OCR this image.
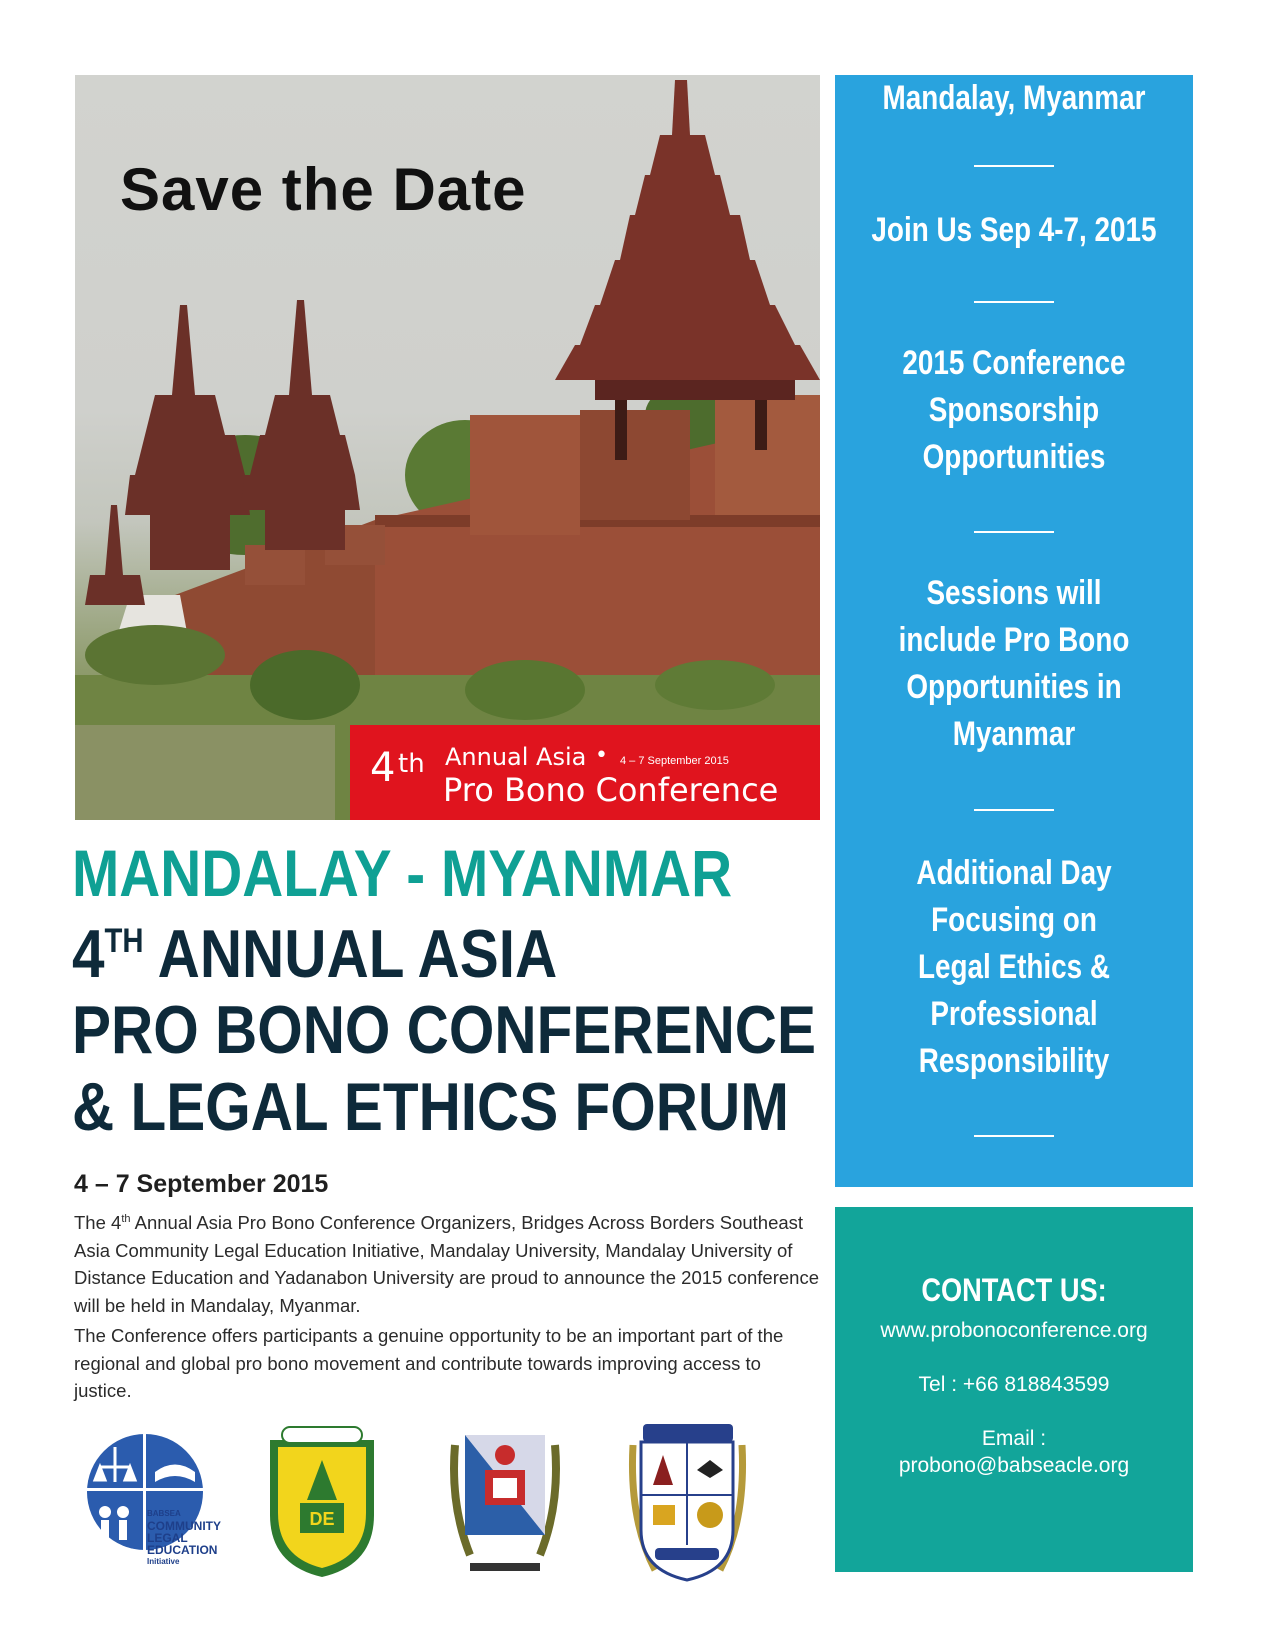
Save the Date
4 th Annual Asia • 4 – 7 September 2015
Pro Bono Conference
MANDALAY - MYANMAR
4TH ANNUAL ASIA
PRO BONO CONFERENCE
& LEGAL ETHICS FORUM
4 – 7 September 2015
The 4th Annual Asia Pro Bono Conference Organizers, Bridges Across Borders Southeast Asia Community Legal Education Initiative, Mandalay University, Mandalay University of Distance Education and Yadanabon University are proud to announce the 2015 conference will be held in Mandalay, Myanmar.
The Conference offers participants a genuine opportunity to be an important part of the regional and global pro bono movement and contribute towards improving access to justice.
BABSEA
COMMUNITY
LEGAL
EDUCATION
Initiative
DE
Mandalay, Myanmar
Join Us Sep 4-7, 2015
2015 Conference
Sponsorship
Opportunities
Sessions will
include Pro Bono
Opportunities in
Myanmar
Additional Day
Focusing on
Legal Ethics &
Professional
Responsibility
CONTACT US:
www.probonoconference.org
Tel : +66 818843599
Email :
probono@babseacle.org
